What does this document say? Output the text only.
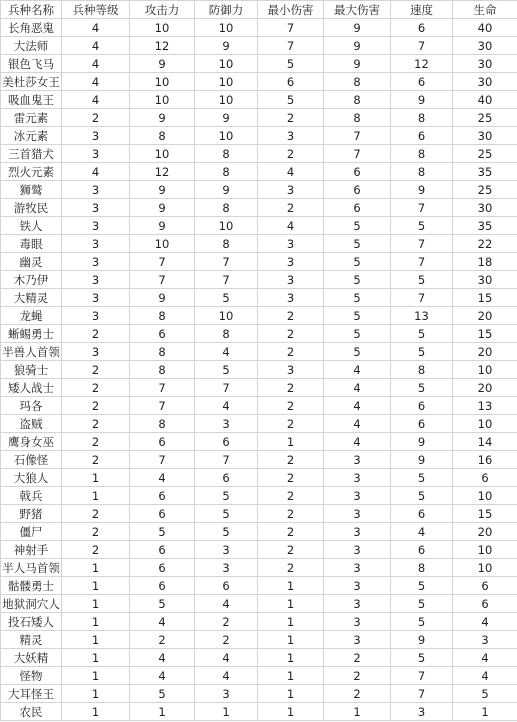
兵种名称	兵种等级	攻击力	防御力	最小伤害	最大伤害	速度	生命
长角恶鬼	4	10	10	7	9	6	40
大法师	4	12	9	7	9	7	30
银色飞马	4	9	10	5	9	12	30
美杜莎女王	4	10	10	6	8	6	30
吸血鬼王	4	10	10	5	8	9	40
雷元素	2	9	9	2	8	8	25
冰元素	3	8	10	3	7	6	30
三首猎犬	3	10	8	2	7	8	25
烈火元素	4	12	8	4	6	8	35
狮鹫	3	9	9	3	6	9	25
游牧民	3	9	8	2	6	7	30
铁人	3	9	10	4	5	5	35
毒眼	3	10	8	3	5	7	22
幽灵	3	7	7	3	5	7	18
木乃伊	3	7	7	3	5	5	30
大精灵	3	9	5	3	5	7	15
龙蝇	3	8	10	2	5	13	20
蜥蜴勇士	2	6	8	2	5	5	15
半兽人首领	3	8	4	2	5	5	20
狼骑士	2	8	5	3	4	8	10
矮人战士	2	7	7	2	4	5	20
玛各	2	7	4	2	4	6	13
盗贼	2	8	3	2	4	6	10
鹰身女巫	2	6	6	1	4	9	14
石像怪	2	7	7	2	3	9	16
大狼人	1	4	6	2	3	5	6
戟兵	1	6	5	2	3	5	10
野猪	2	6	5	2	3	6	15
僵尸	2	5	5	2	3	4	20
神射手	2	6	3	2	3	6	10
半人马首领	1	6	3	2	3	8	10
骷髅勇士	1	6	6	1	3	5	6
地狱洞穴人	1	5	4	1	3	5	6
投石矮人	1	4	2	1	3	5	4
精灵	1	2	2	1	3	9	3
大妖精	1	4	4	1	2	5	4
怪物	1	4	4	1	2	7	4
大耳怪王	1	5	3	1	2	7	5
农民	1	1	1	1	1	3	1
